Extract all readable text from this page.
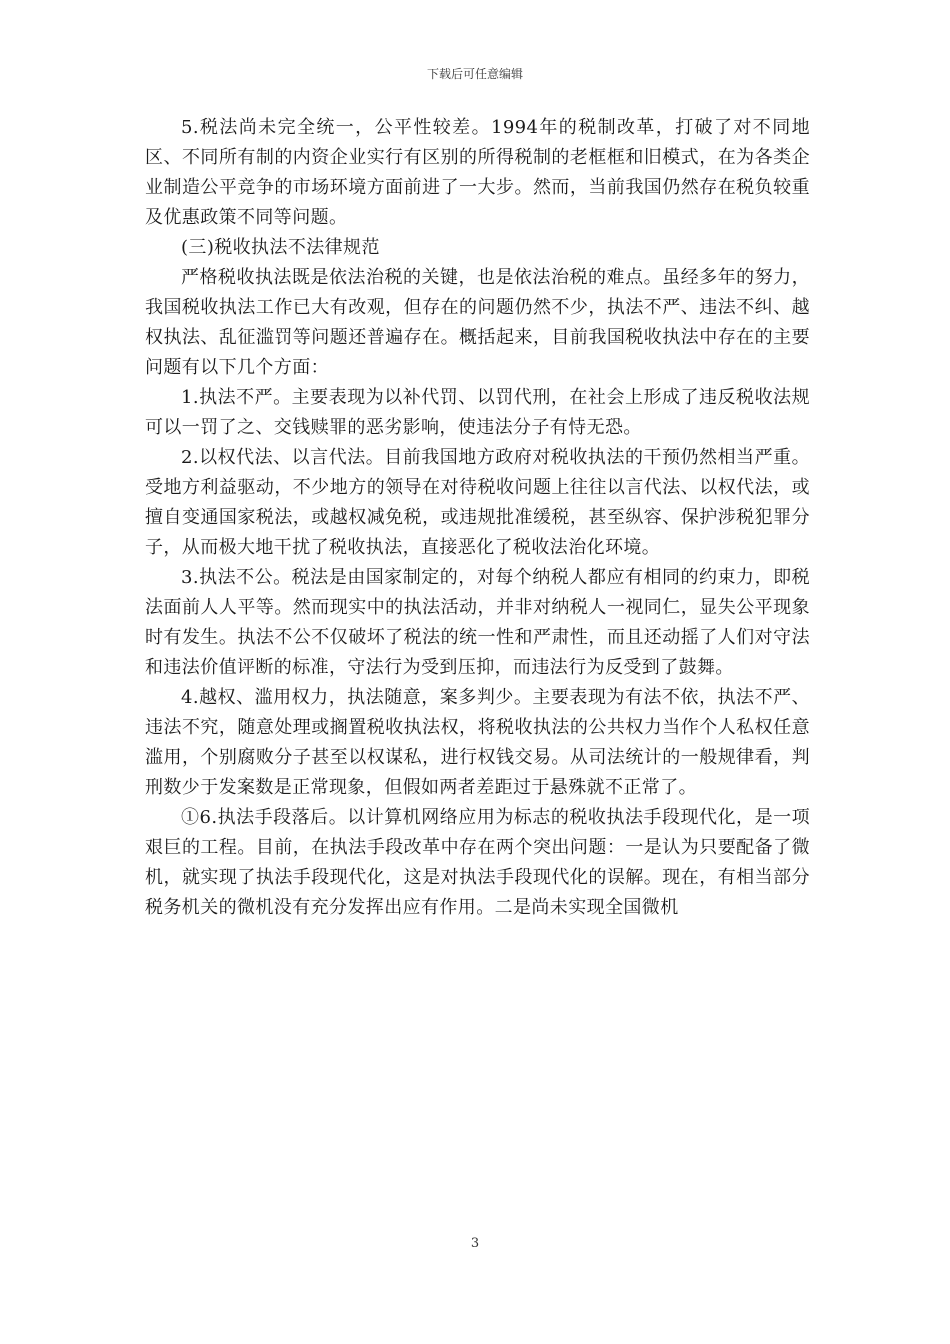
下载后可任意编辑

5.税法尚未完全统一，公平性较差。1994年的税制改革，打破了对不同地区、不同所有制的内资企业实行有区别的所得税制的老框框和旧模式，在为各类企业制造公平竞争的市场环境方面前进了一大步。然而，当前我国仍然存在税负较重及优惠政策不同等问题。

(三)税收执法不法律规范

严格税收执法既是依法治税的关键，也是依法治税的难点。虽经多年的努力，我国税收执法工作已大有改观，但存在的问题仍然不少，执法不严、违法不纠、越权执法、乱征滥罚等问题还普遍存在。概括起来，目前我国税收执法中存在的主要问题有以下几个方面：

1.执法不严。主要表现为以补代罚、以罚代刑，在社会上形成了违反税收法规可以一罚了之、交钱赎罪的恶劣影响，使违法分子有恃无恐。

2.以权代法、以言代法。目前我国地方政府对税收执法的干预仍然相当严重。受地方利益驱动，不少地方的领导在对待税收问题上往往以言代法、以权代法，或擅自变通国家税法，或越权减免税，或违规批准缓税，甚至纵容、保护涉税犯罪分子，从而极大地干扰了税收执法，直接恶化了税收法治化环境。

3.执法不公。税法是由国家制定的，对每个纳税人都应有相同的约束力，即税法面前人人平等。然而现实中的执法活动，并非对纳税人一视同仁，显失公平现象时有发生。执法不公不仅破坏了税法的统一性和严肃性，而且还动摇了人们对守法和违法价值评断的标准，守法行为受到压抑，而违法行为反受到了鼓舞。

4.越权、滥用权力，执法随意，案多判少。主要表现为有法不依，执法不严、违法不究，随意处理或搁置税收执法权，将税收执法的公共权力当作个人私权任意滥用，个别腐败分子甚至以权谋私，进行权钱交易。从司法统计的一般规律看，判刑数少于发案数是正常现象，但假如两者差距过于悬殊就不正常了。

①6.执法手段落后。以计算机网络应用为标志的税收执法手段现代化，是一项艰巨的工程。目前，在执法手段改革中存在两个突出问题：一是认为只要配备了微机，就实现了执法手段现代化，这是对执法手段现代化的误解。现在，有相当部分税务机关的微机没有充分发挥出应有作用。二是尚未实现全国微机

3
